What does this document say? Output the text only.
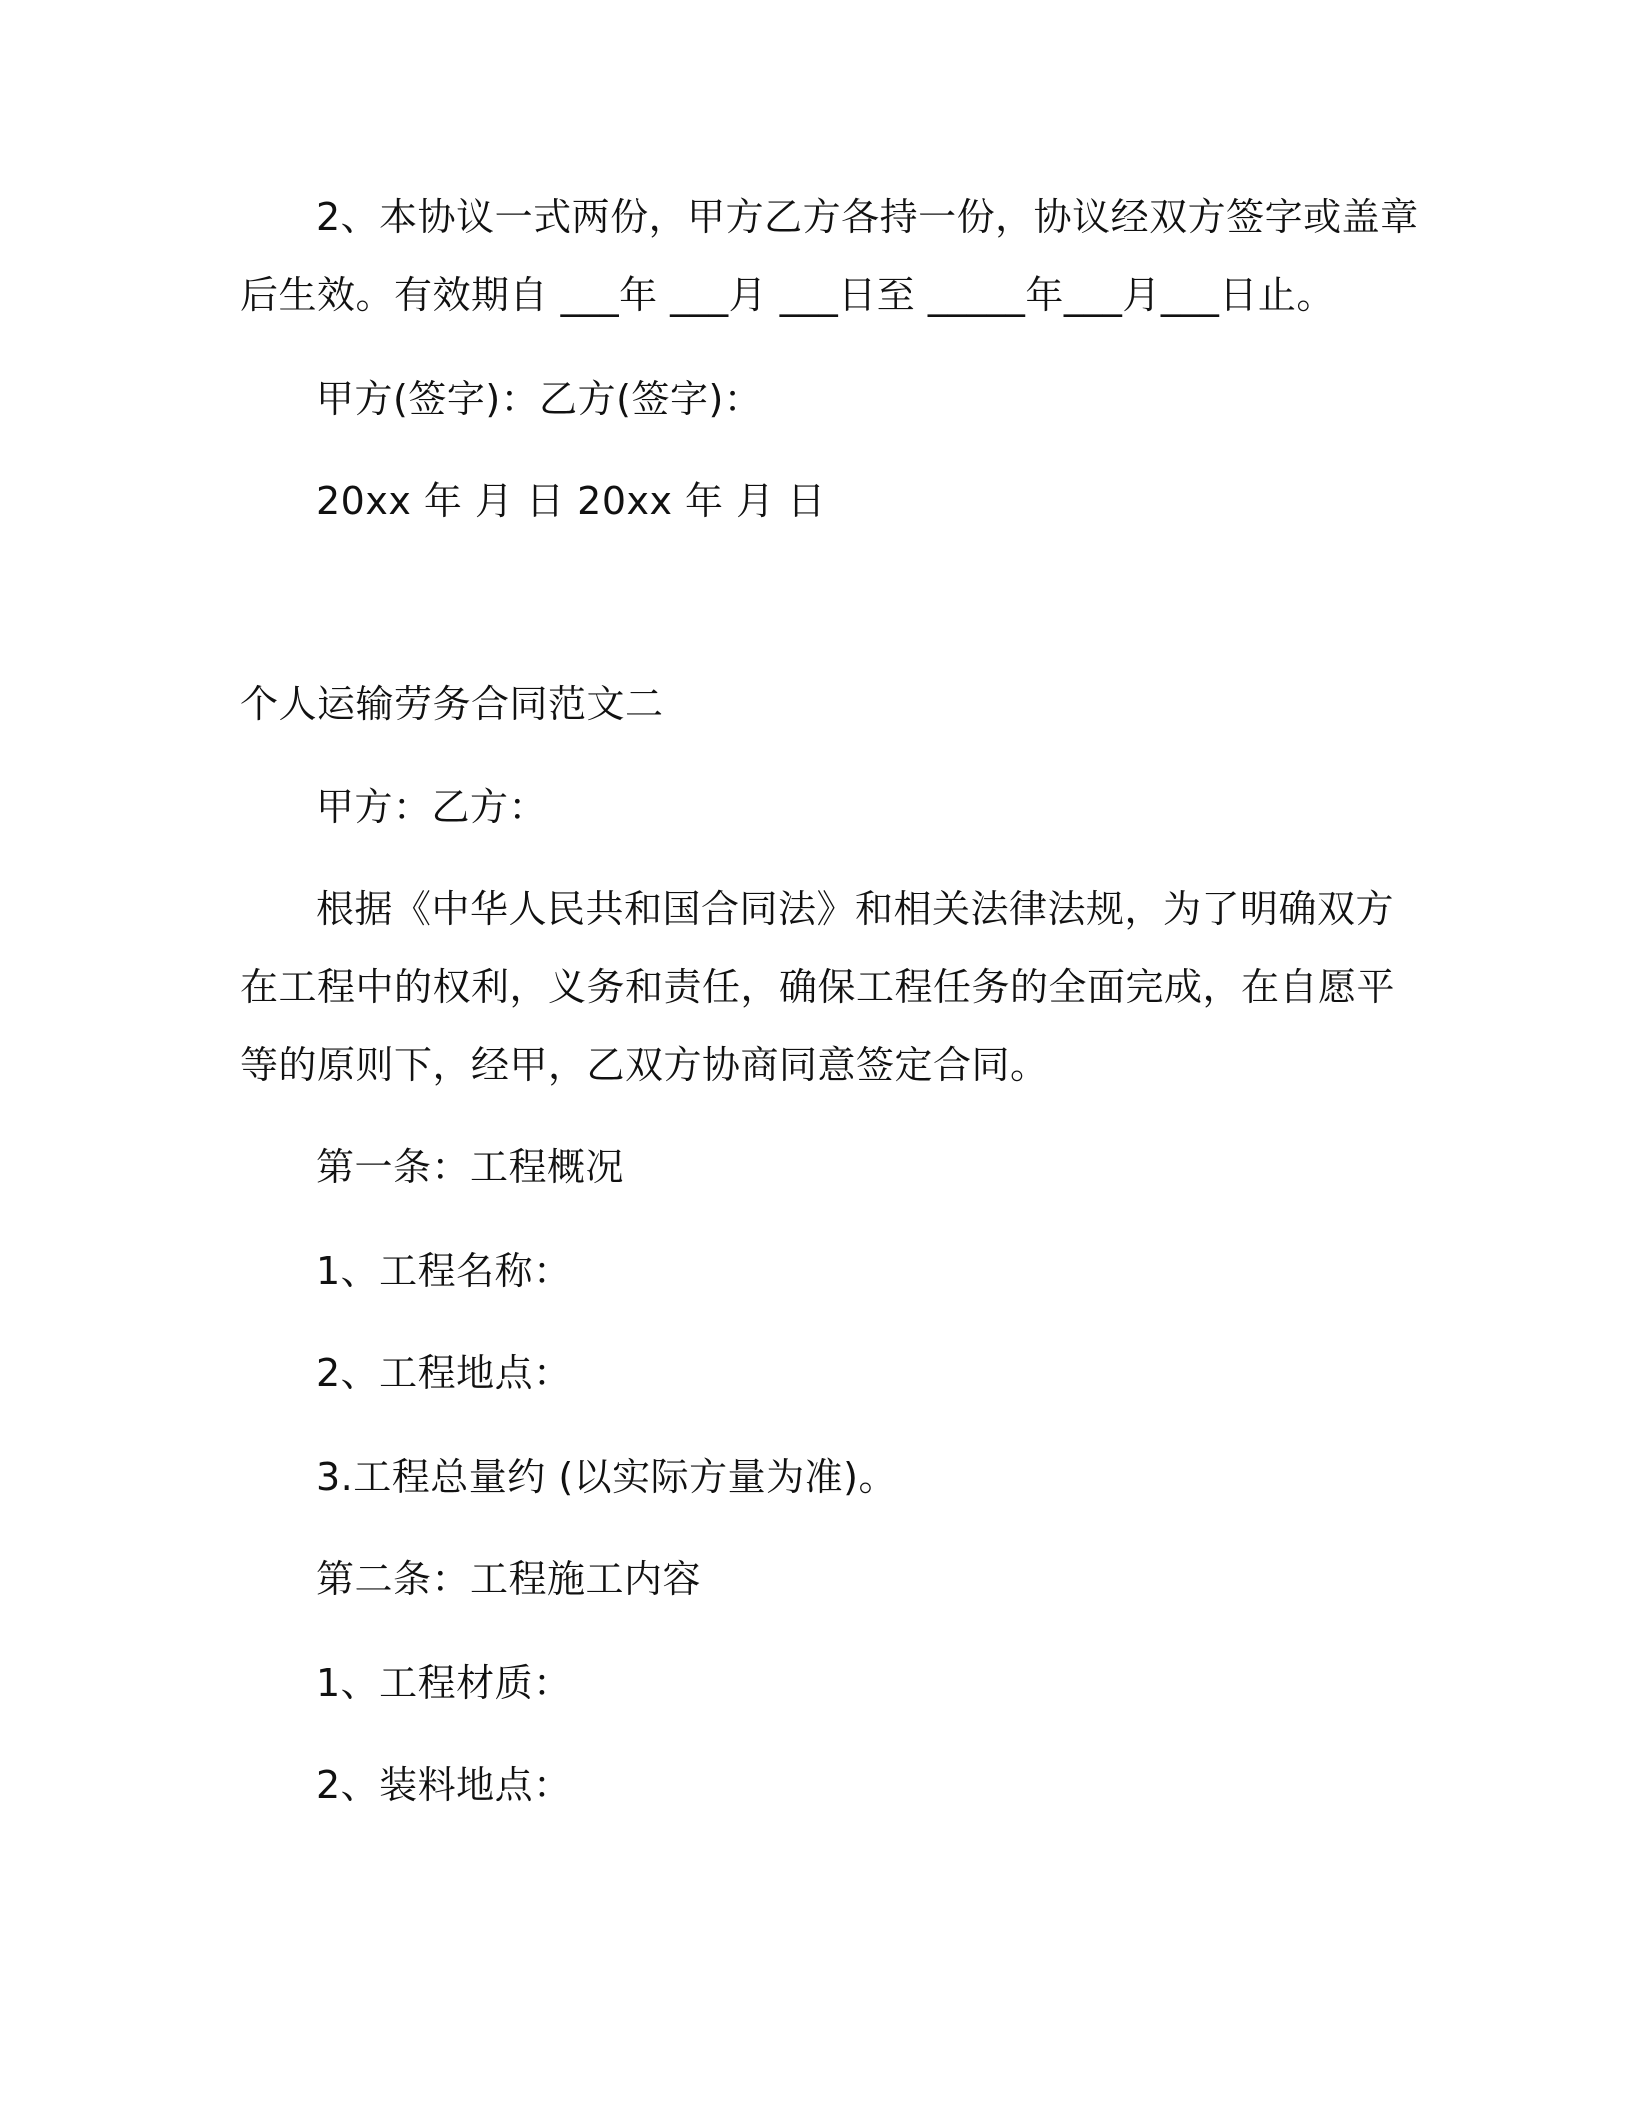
2、本协议一式两份，甲方乙方各持一份，协议经双方签字或盖章
后生效。有效期自 ___年 ___月 ___日至 _____年___月___日止。
甲方(签字)：乙方(签字)：
20xx 年 月 日 20xx 年 月 日
个人运输劳务合同范文二
甲方：乙方：
根据《中华人民共和国合同法》和相关法律法规，为了明确双方
在工程中的权利，义务和责任，确保工程任务的全面完成，在自愿平
等的原则下，经甲，乙双方协商同意签定合同。
第一条：工程概况
1、工程名称：
2、工程地点：
3.工程总量约 (以实际方量为准)。
第二条：工程施工内容
1、工程材质：
2、装料地点：
